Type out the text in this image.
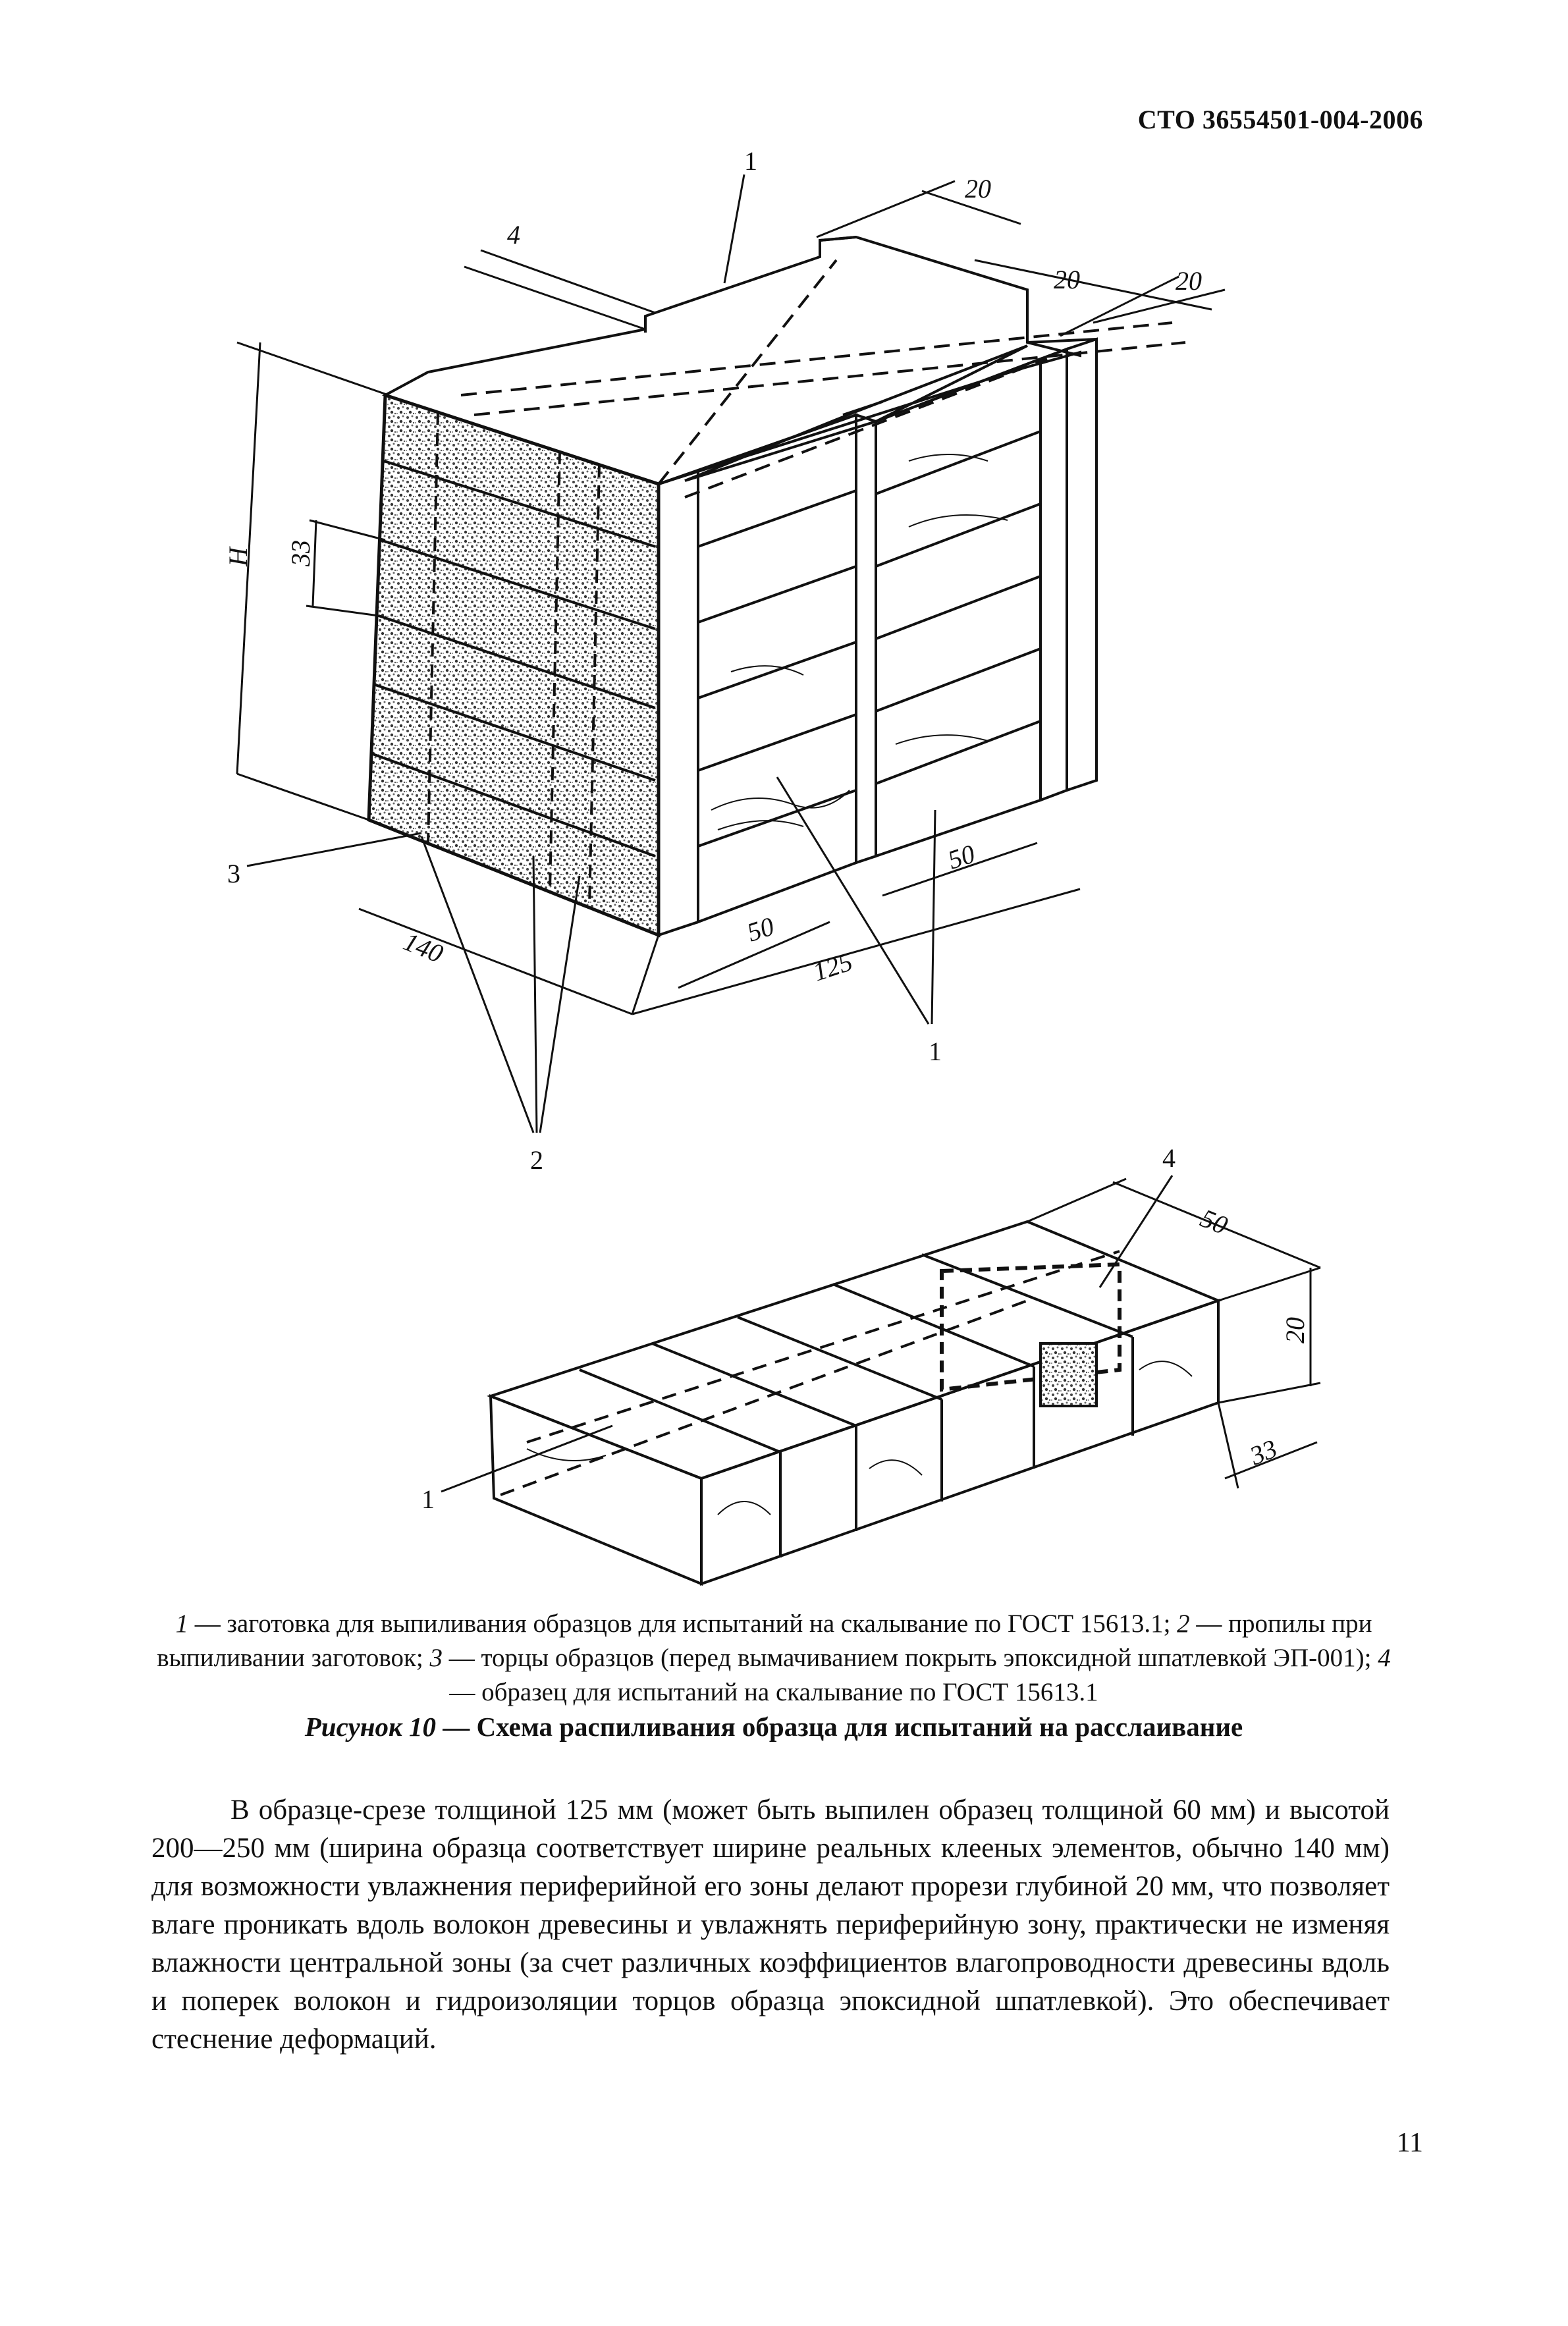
СТО 36554501-004-2006
1
1
2
3
20
20	20
4
H 33
140	50
50
125
4
1
50
20
33
1 — заготовка для выпиливания образцов для испытаний на скалывание по ГОСТ 15613.1; 2 — пропилы при выпиливании заготовок; 3 — торцы образцов (перед вымачиванием покрыть эпоксидной шпатлевкой ЭП-001); 4 — образец для испытаний на скалывание по ГОСТ 15613.1
Рисунок 10 — Схема распиливания образца для испытаний на расслаивание
В образце-срезе толщиной 125 мм (может быть выпилен образец толщиной 60 мм) и высотой 200—250 мм (ширина образца соответствует ширине реальных клееных элементов, обычно 140 мм) для возможности увлажнения периферийной его зоны делают прорези глубиной 20 мм, что позволяет влаге проникать вдоль волокон древесины и увлажнять периферийную зону, практически не изменяя влажности центральной зоны (за счет различных коэффициентов влагопроводности древесины вдоль и поперек волокон и гидроизоляции торцов образца эпоксидной шпатлевкой). Это обеспечивает стеснение деформаций.
11
